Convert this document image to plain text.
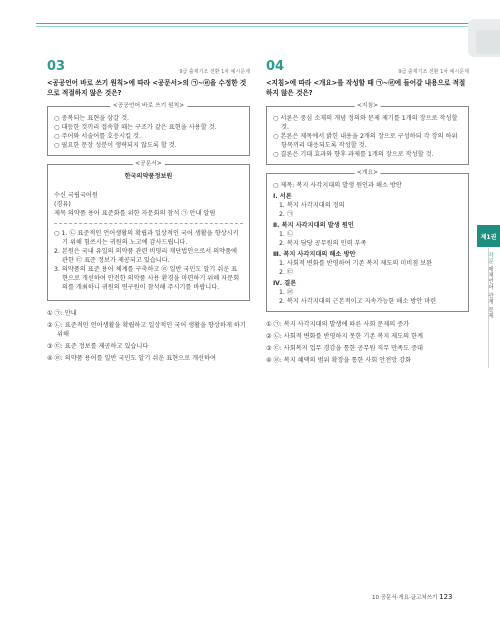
제1권
작문 매체언어 관계 문제
03	9급 출제기조 전환 1차 예시문제
<공공언어 바로 쓰기 원칙>에 따라 <공문서>의 ㉠~㉣을 수정한 것으로 적절하지 않은 것은?
<공공언어 바로 쓰기 원칙>
○ 중복되는 표현을 삼갈 것.
○ 대등한 것끼리 접속할 때는 구조가 같은 표현을 사용할 것.
○ 주어와 서술어를 호응시킬 것.
○ 필요한 문장 성분이 생략되지 않도록 할 것.
<공문서>
한국의약품정보원
수신 국립국어원
(경유)
제목 의약품 용어 표준화를 위한 자문회의 참석 ㉠ 안내 알림
○ 1. ㉡ 표준적인 언어생활의 확립과 일상적인 국어 생활을 향상시키기 위해 힘쓰시는 귀원의 노고에 감사드립니다.
2. 본원은 국내 유일의 의약품 관련 비영리 재단법인으로서 의약품에 관한 ㉢ 표준 정보가 제공되고 있습니다.
3. 의약품의 표준 용어 체계를 구축하고 ㉣ 일반 국민도 알기 쉬운 표현으로 개선하여 안전한 의약품 사용 환경을 마련하기 위해 자문회의를 개최하니 귀원의 연구원이 참석해 주시기를 바랍니다.
① ㉠: 안내
② ㉡: 표준적인 언어생활을 확립하고 일상적인 국어 생활을 향상하게 하기 위해
③ ㉢: 표준 정보를 제공하고 있습니다
④ ㉣: 의약품 용어를 일반 국민도 알기 쉬운 표현으로 개선하여
04	9급 출제기조 전환 1차 예시문제
<지침>에 따라 <개요>를 작성할 때 ㉠~㉣에 들어갈 내용으로 적절하지 않은 것은?
<지침>
○ 서론은 중심 소재의 개념 정의와 문제 제기를 1개의 장으로 작성할 것.
○ 본론은 제목에서 밝힌 내용을 2개의 장으로 구성하되 각 장의 하위 항목끼리 대응되도록 작성할 것.
○ 결론은 기대 효과와 향후 과제를 1개의 장으로 작성할 것.
<개요>
○ 제목: 복지 사각지대의 발생 원인과 해소 방안
Ⅰ. 서론
1. 복지 사각지대의 정의
2. ㉠
Ⅱ. 복지 사각지대의 발생 원인
1. ㉡
2. 복지 담당 공무원의 인력 부족
Ⅲ. 복지 사각지대의 해소 방안
1. 사회적 변화를 반영하여 기존 복지 제도의 미비점 보완
2. ㉢
Ⅳ. 결론
1. ㉣
2. 복지 사각지대의 근본적이고 지속가능한 해소 방안 마련
① ㉠: 복지 사각지대의 발생에 따른 사회 문제의 증가
② ㉡: 사회적 변화를 반영하지 못한 기존 복지 제도의 한계
③ ㉢: 사회복지 업무 경감을 통한 공무원 직무 만족도 증대
④ ㉣: 복지 혜택의 범위 확장을 통한 사회 안전망 강화
10 공문서·개요·글고쳐쓰기 123
